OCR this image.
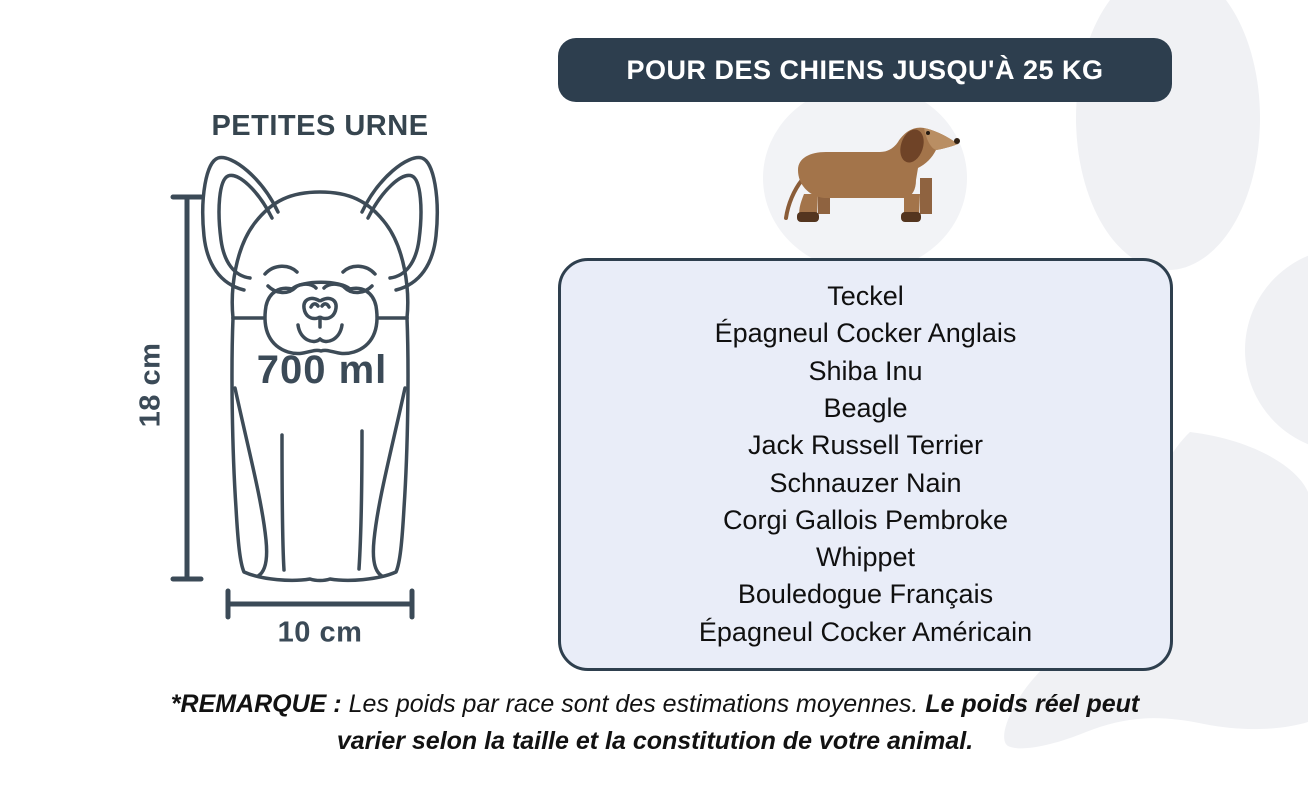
POUR DES CHIENS JUSQU'À 25 KG
PETITES URNE
700 ml
18 cm
10 cm
Teckel
Épagneul Cocker Anglais
Shiba Inu
Beagle
Jack Russell Terrier
Schnauzer Nain
Corgi Gallois Pembroke
Whippet
Bouledogue Français
Épagneul Cocker Américain
*REMARQUE : Les poids par race sont des estimations moyennes. Le poids réel peut varier selon la taille et la constitution de votre animal.
